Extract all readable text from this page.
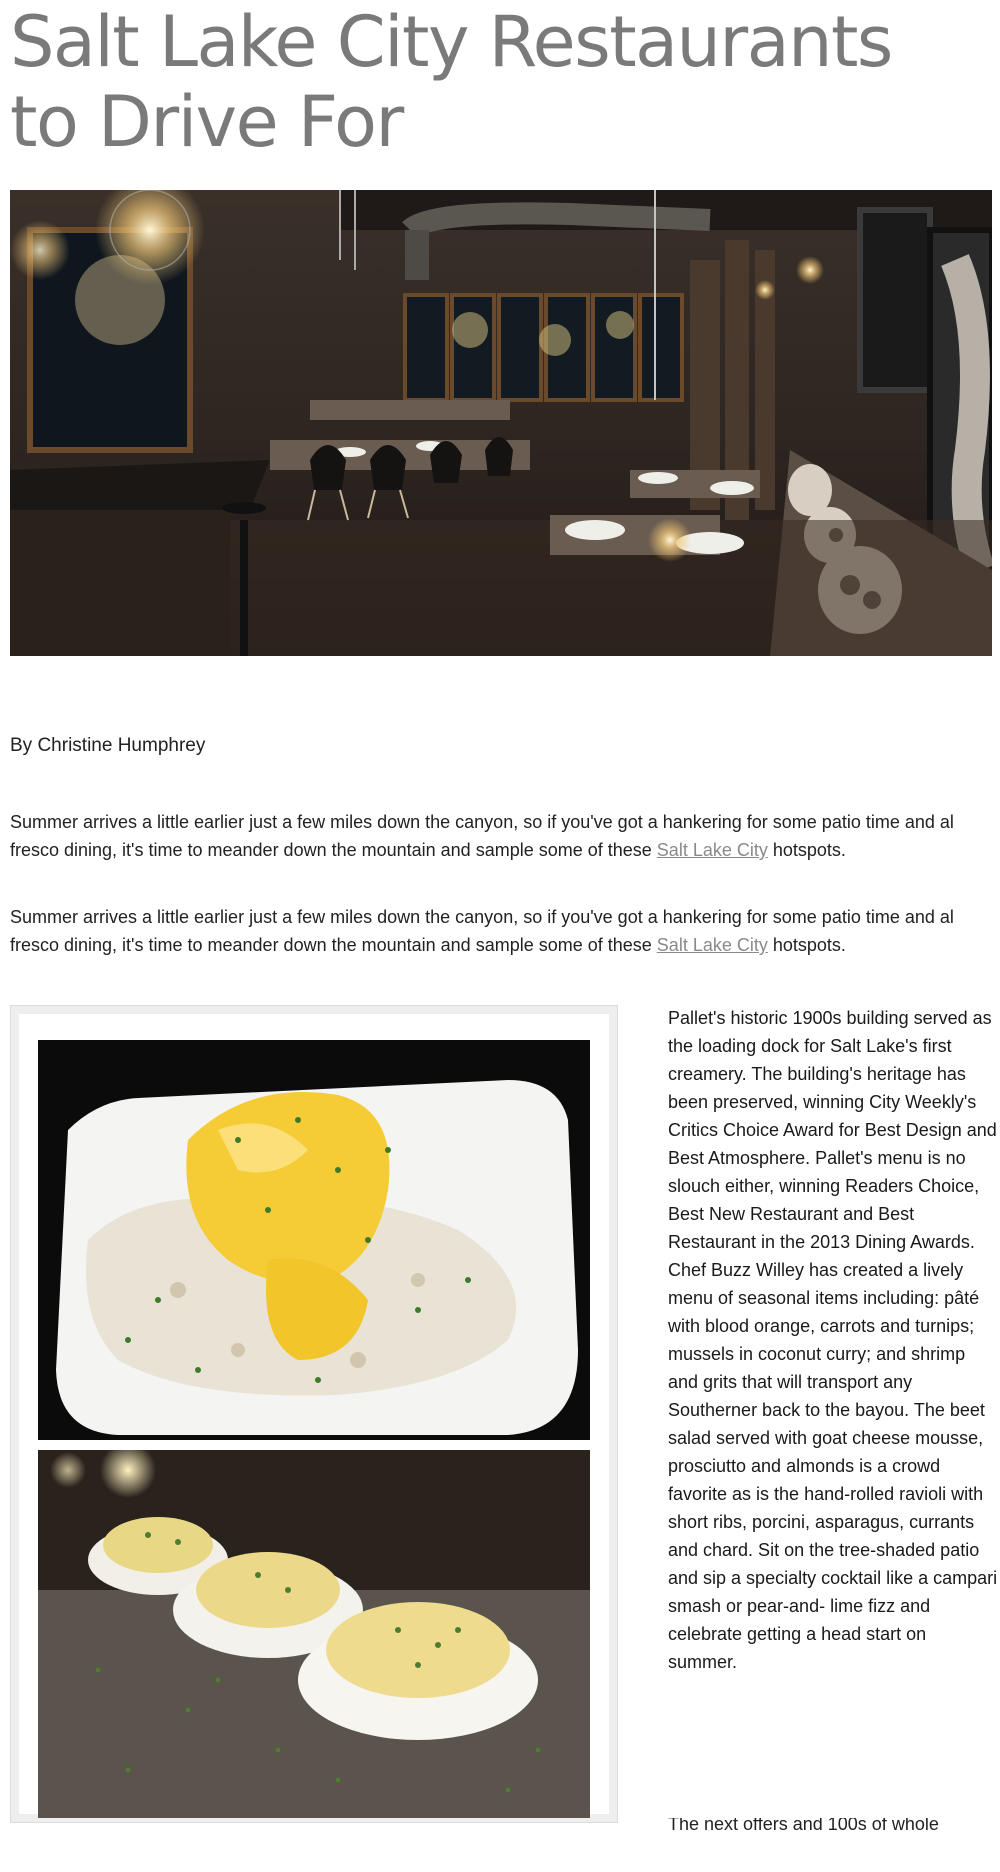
Salt Lake City Restaurants to Drive For
By Christine Humphrey

Summer arrives a little earlier just a few miles down the canyon, so if you've got a hankering for some patio time and al fresco dining, it's time to meander down the mountain and sample some of these Salt Lake City hotspots.

Summer arrives a little earlier just a few miles down the canyon, so if you've got a hankering for some patio time and al fresco dining, it's time to meander down the mountain and sample some of these Salt Lake City hotspots.

Pallet's historic 1900s building served as the loading dock for Salt Lake's first creamery. The building's heritage has been preserved, winning City Weekly's Critics Choice Award for Best Design and Best Atmosphere. Pallet's menu is no slouch either, winning Readers Choice, Best New Restaurant and Best Restaurant in the 2013 Dining Awards. Chef Buzz Willey has created a lively menu of seasonal items including: pâté with blood orange, carrots and turnips; mussels in coconut curry; and shrimp and grits that will transport any Southerner back to the bayou. The beet salad served with goat cheese mousse, prosciutto and almonds is a crowd favorite as is the hand-rolled ravioli with short ribs, porcini, asparagus, currants and chard. Sit on the tree-shaded patio and sip a specialty cocktail like a campari smash or pear-and- lime fizz and celebrate getting a head start on summer.

The next offers and 100s of whole
